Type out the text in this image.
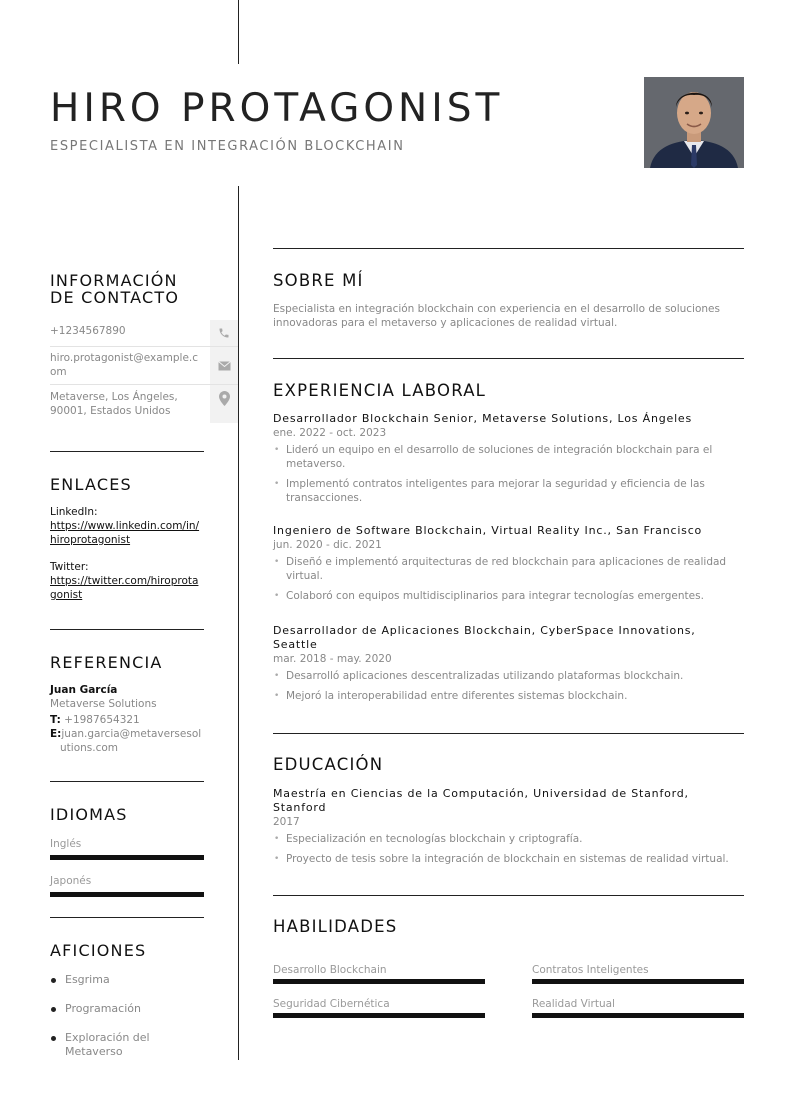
HIRO PROTAGONIST

ESPECIALISTA EN INTEGRACIÓN BLOCKCHAIN

INFORMACIÓN DE CONTACTO
+1234567890
hiro.protagonist@example.com
Metaverse, Los Ángeles, 90001, Estados Unidos
ENLACES
LinkedIn:
https://www.linkedin.com/in/hiroprotagonist
Twitter:
https://twitter.com/hiroprotagonist
REFERENCIA
Juan García
Metaverse Solutions
T: +1987654321
E:juan.garcia@metaversesolutions.com
IDIOMAS
Inglés
Japonés
AFICIONES
Esgrima
Programación
Exploración del Metaverso
SOBRE MÍ
Especialista en integración blockchain con experiencia en el desarrollo de soluciones innovadoras para el metaverso y aplicaciones de realidad virtual.
EXPERIENCIA LABORAL
Desarrollador Blockchain Senior, Metaverse Solutions, Los Ángeles
ene. 2022 - oct. 2023
• Lideró un equipo en el desarrollo de soluciones de integración blockchain para el metaverso.
• Implementó contratos inteligentes para mejorar la seguridad y eficiencia de las transacciones.
Ingeniero de Software Blockchain, Virtual Reality Inc., San Francisco
jun. 2020 - dic. 2021
• Diseñó e implementó arquitecturas de red blockchain para aplicaciones de realidad virtual.
• Colaboró con equipos multidisciplinarios para integrar tecnologías emergentes.
Desarrollador de Aplicaciones Blockchain, CyberSpace Innovations, Seattle
mar. 2018 - may. 2020
• Desarrolló aplicaciones descentralizadas utilizando plataformas blockchain.
• Mejoró la interoperabilidad entre diferentes sistemas blockchain.
EDUCACIÓN
Maestría en Ciencias de la Computación, Universidad de Stanford, Stanford
2017
• Especialización en tecnologías blockchain y criptografía.
• Proyecto de tesis sobre la integración de blockchain en sistemas de realidad virtual.
HABILIDADES
Desarrollo Blockchain	Contratos Inteligentes
Seguridad Cibernética	Realidad Virtual
